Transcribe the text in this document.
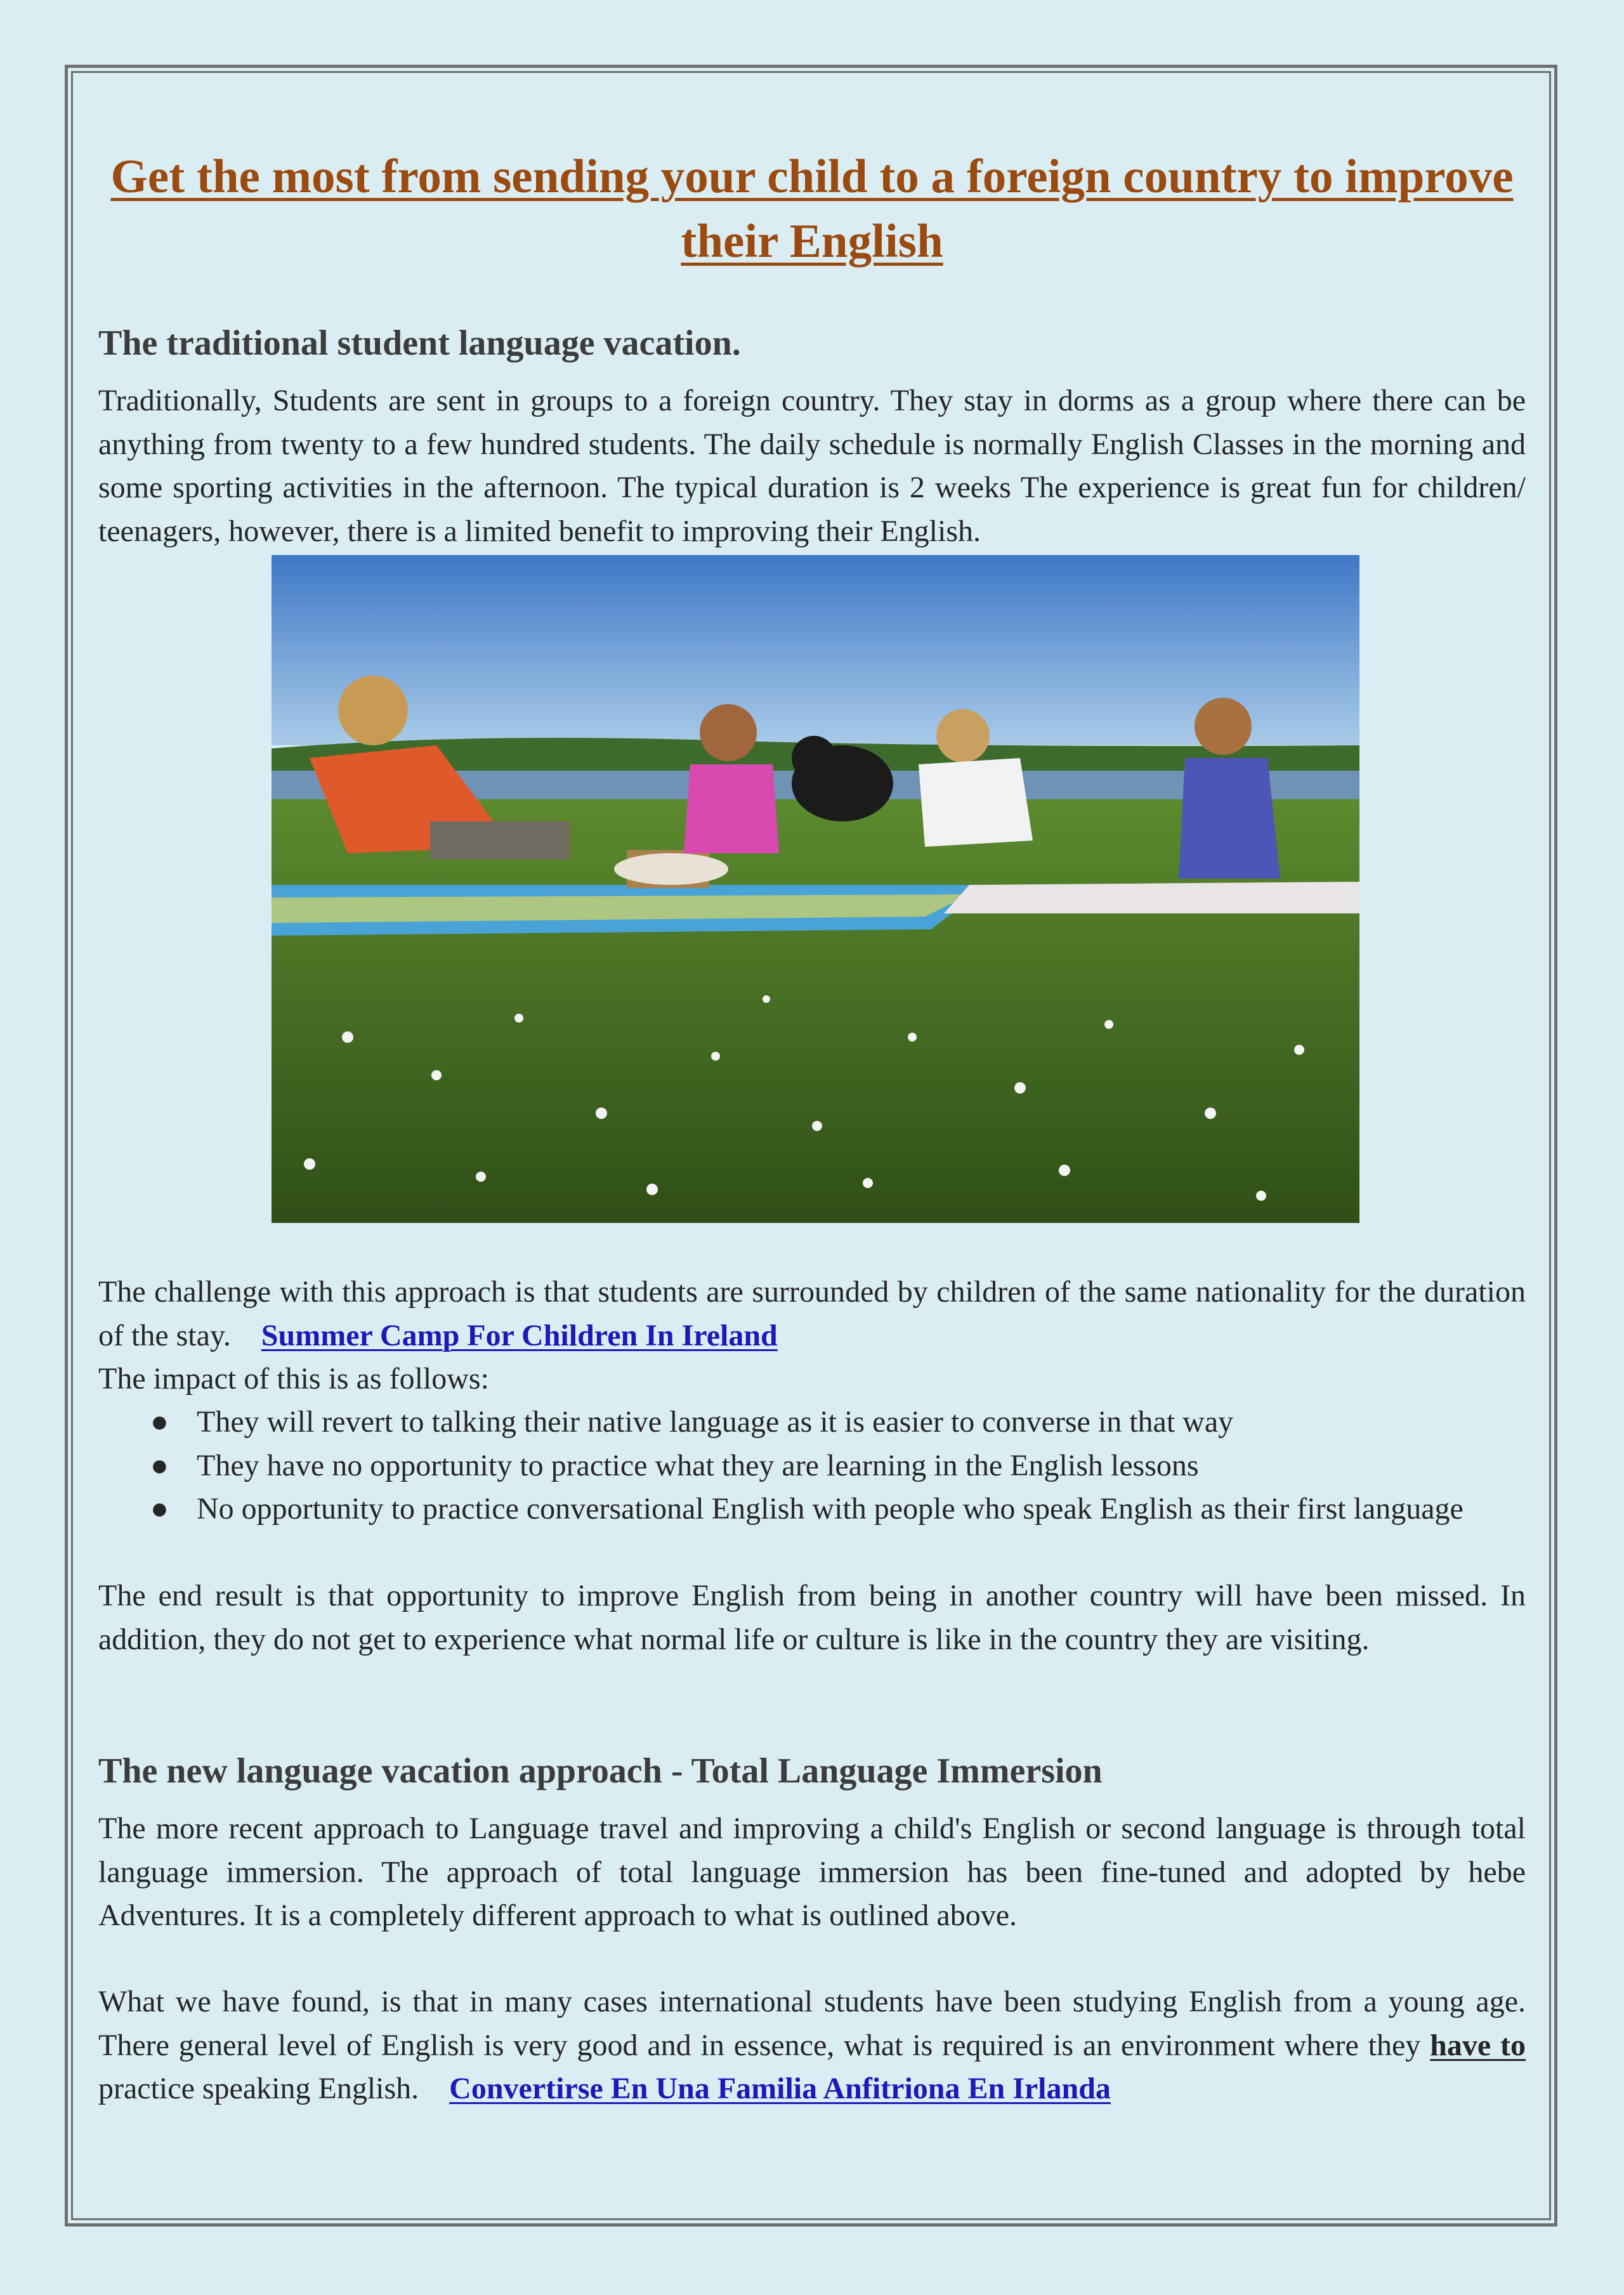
Get the most from sending your child to a foreign country to improve their English
The traditional student language vacation.

Traditionally, Students are sent in groups to a foreign country. They stay in dorms as a group where there can be anything from twenty to a few hundred students. The daily schedule is normally English Classes in the morning and some sporting activities in the afternoon. The typical duration is 2 weeks The experience is great fun for children/ teenagers, however, there is a limited benefit to improving their English.

The challenge with this approach is that students are surrounded by children of the same nationality for the duration of the stay. Summer Camp For Children In Ireland

The impact of this is as follows:

● They will revert to talking their native language as it is easier to converse in that way
● They have no opportunity to practice what they are learning in the English lessons
● No opportunity to practice conversational English with people who speak English as their first language

The end result is that opportunity to improve English from being in another country will have been missed. In addition, they do not get to experience what normal life or culture is like in the country they are visiting.

The new language vacation approach - Total Language Immersion

The more recent approach to Language travel and improving a child's English or second language is through total language immersion. The approach of total language immersion has been fine-tuned and adopted by hebe Adventures. It is a completely different approach to what is outlined above.

What we have found, is that in many cases international students have been studying English from a young age. There general level of English is very good and in essence, what is required is an environment where they have to practice speaking English. Convertirse En Una Familia Anfitriona En Irlanda
